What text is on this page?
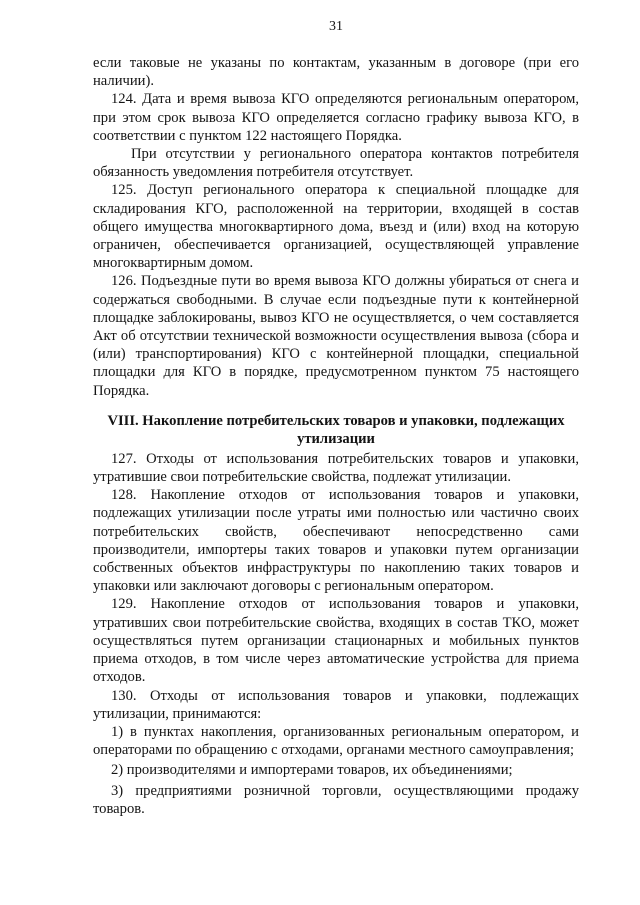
31

если таковые не указаны по контактам, указанным в договоре (при его наличии).

124. Дата и время вывоза КГО определяются региональным оператором, при этом срок вывоза КГО определяется согласно графику вывоза КГО, в соответствии с пунктом 122 настоящего Порядка.

При отсутствии у регионального оператора контактов потребителя обязанность уведомления потребителя отсутствует.

125. Доступ регионального оператора к специальной площадке для складирования КГО, расположенной на территории, входящей в состав общего имущества многоквартирного дома, въезд и (или) вход на которую ограничен, обеспечивается организацией, осуществляющей управление многоквартирным домом.

126. Подъездные пути во время вывоза КГО должны убираться от снега и содержаться свободными. В случае если подъездные пути к контейнерной площадке заблокированы, вывоз КГО не осуществляется, о чем составляется Акт об отсутствии технической возможности осуществления вывоза (сбора и (или) транспортирования) КГО с контейнерной площадки, специальной площадки для КГО в порядке, предусмотренном пунктом 75 настоящего Порядка.

VIII. Накопление потребительских товаров и упаковки, подлежащих утилизации

127. Отходы от использования потребительских товаров и упаковки, утратившие свои потребительские свойства, подлежат утилизации.

128. Накопление отходов от использования товаров и упаковки, подлежащих утилизации после утраты ими полностью или частично своих потребительских свойств, обеспечивают непосредственно сами производители, импортеры таких товаров и упаковки путем организации собственных объектов инфраструктуры по накоплению таких товаров и упаковки или заключают договоры с региональным оператором.

129. Накопление отходов от использования товаров и упаковки, утративших свои потребительские свойства, входящих в состав ТКО, может осуществляться путем организации стационарных и мобильных пунктов приема отходов, в том числе через автоматические устройства для приема отходов.

130. Отходы от использования товаров и упаковки, подлежащих утилизации, принимаются:

1) в пунктах накопления, организованных региональным оператором, и операторами по обращению с отходами, органами местного самоуправления;

2) производителями и импортерами товаров, их объединениями;

3) предприятиями розничной торговли, осуществляющими продажу товаров.
